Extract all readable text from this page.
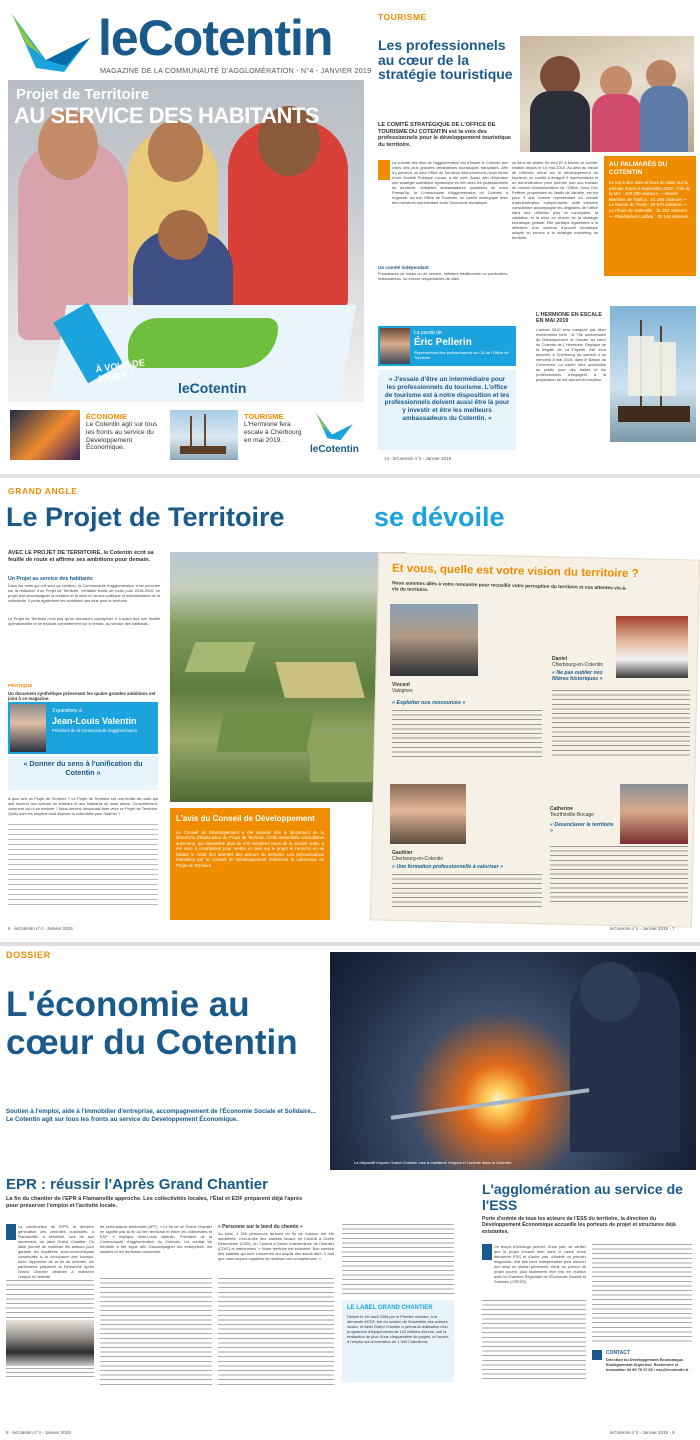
leCotentin
MAGAZINE DE LA COMMUNAUTÉ D'AGGLOMÉRATION - N°4 - JANVIER 2019
À VOUS DE JOUER !
leCotentin
Projet de Territoire
AU SERVICE DES HABITANTS
ÉCONOMIE
Le Cotentin agit sur tous les fronts au service du Développement Économique.
TOURISME
L'Hermione fera escale à Cherbourg en mai 2019.
leCotentin
TOURISME
Les professionnels au cœur de la stratégie touristique
LE COMITÉ STRATÉGIQUE DE L'OFFICE DE TOURISME DU COTENTIN est la voix des professionnels pour le développement touristique du territoire.
La volonté des élus de l'agglomération est d'hisser le Cotentin aux côtés des plus grandes destinations touristiques françaises. Afin d'y parvenir, un seul Office de Tourisme intercommunal, sous forme d'une Société Publique Locale, a été créé. Aussi, afin d'impulser une stratégie touristique dynamique en lien avec les professionnels du tourisme, véritables ambassadeurs quotidiens de notre Presqu'île, la Communauté d'Agglomération du Cotentin a organisé, via son Office de Tourisme, un comité stratégique avec des membres représentant toute l'économie touristique.
Un comité indépendant
Prestataires de loisirs ou de service, hôteliers traditionnels ou particuliers, restaurateurs, ou encore responsables de sites
ou lieux de visites, ils sont 67 à former ce comité, installé depuis le 14 mai 2018. Au-delà du travail de réflexion mené sur le développement du tourisme, ce comité a désigné 9 représentants et un administrateur pour prendre part aux travaux du conseil d'administration de l'Office. Ainsi, Eric Pellerin, propriétaire du Jardin de Vauville, est élu pour 3 ans comme représentant au conseil d'administration. Indépendante, cette instance consultative accompagne les dirigeants de l'office dans leur réflexion pour la conception, la validation et la mise en œuvre de la stratégie touristique globale. Elle participe également à la définition d'un schéma d'accueil touristique adapté ou encore à la stratégie marketing du territoire.
AU PALMARÈS DU COTENTIN
Le top 5 des sites et lieux de visite sur la période d'avril à septembre 2018 : Cité de la Mer : 160 390 visiteurs — Musée Maritime de Tatihou : 51 494 visiteurs — Le Manoir du Tourp : 36 570 visiteurs — Le Phare de Gatteville : 31 202 visiteurs — Planétarium Ludiver : 20 144 visiteurs.
La parole de
Éric Pellerin
Représentant des professionnels au CA de l'Office de Tourisme
« J'essaie d'être un intermédiaire pour les professionnels du tourisme. L'office de tourisme est à notre disposition et les professionnels doivent aussi être là pour y investir et être les meilleurs ambassadeurs du Cotentin. »
L'HERMIONE EN ESCALE EN MAI 2019
L'année 2019 sera marquée par deux événements forts : le 75e anniversaire du Débarquement et l'escale au cœur du Cotentin de L'Hermione. Réplique de la frégate de La Fayette, elle sera amarrée à Cherbourg du samedi 4 au mercredi 8 mai 2019, dans le Bassin du Commerce. Le navire sera accessible au public pour des visites et les professionnels s'engagent à la préparation de cet accueil d'exception.
14 · leCotentin n°4 - Janvier 2019
GRAND ANGLE
Le Projet de Territoire	se dévoile
AVEC LE PROJET DE TERRITOIRE, le Cotentin écrit sa feuille de route et affirme ses ambitions pour demain.
Un Projet au service des habitants
Dans les mois qui ont suivi sa création, la Communauté d'agglomération s'est penchée sur la rédaction d'un Projet de Territoire. Véritable feuille de route pour 2018-2020, ce projet doit accompagner la création et la mise en œuvre politique et administrative de la collectivité. Il porte également les ambitions des élus pour le territoire.
Le Projet de Territoire n'est pas qu'un document conceptuel, il a avant tout une finalité opérationnelle et se traduira concrètement sur le terrain, au service des habitants.
PRATIQUE
Un document synthétique présentant les quatre grandes ambitions est joint à ce magazine.
3 questions à
Jean-Louis Valentin
Président de la Communauté d'agglomération
« Donner du sens à l'unification du Cotentin »
À quoi sert un Projet de Territoire ? Le Projet de Territoire est une feuille de route qui doit montrer aux acteurs du territoire et aux habitants où nous allons. Concrètement, comment va-t-il se traduire ? Nous devons désormais faire vivre ce Projet de Territoire. Quels sont les moyens dont dispose la collectivité pour l'animer ?
6 · leCotentin n°4 - Janvier 2019
L'avis du Conseil de Développement
Le Conseil de Développement a été associé dès le lancement de la démarche d'élaboration du Projet de Territoire. Cette assemblée consultative autonome, qui rassemble plus de 170 membres issus de la société civile, a été mise à contribution pour rendre un avis sur le projet et l'enrichir en se faisant le relais des attentes des acteurs du territoire. Les préconisations formulées par le Conseil de Développement renforcent la cohérence du Projet de Territoire.
Et vous, quelle est votre vision du territoire ?
Nous sommes allés à votre rencontre pour recueillir votre perception du territoire et vos attentes vis-à-vis du territoire.
Vincent
Valognes
« Exploiter nos ressources »
Daniel
Cherbourg-en-Cotentin
« Ne pas oublier nos filières historiques »
Gauthier
Cherbourg-en-Cotentin
« Une formation professionnelle à valoriser »
Catherine
Teurthéville-Bocage
« Désenclaver le territoire »
leCotentin n°4 - Janvier 2019 · 7
DOSSIER
L'économie au cœur du Cotentin
Soutien à l'emploi, aide à l'immobilier d'entreprise, accompagnement de l'Économie Sociale et Solidaire... Le Cotentin agit sur tous les fronts au service du Développement Économique.
Le dispositif d'après Grand Chantier vise à maintenir l'emploi et l'activité dans le Cotentin.
EPR : réussir l'Après Grand Chantier
La fin du chantier de l'EPR à Flamanville approche. Les collectivités locales, l'État et EDF préparent déjà l'après pour préserver l'emploi et l'activité locale.
La construction de l'EPR, la dernière génération des centrales nucléaires, à Flamanville, a bénéficié, lors de son lancement, du label Grand Chantier. Ce label permet de mobiliser les acteurs pour garantir les équilibres socio-économiques consécutifs à la conclusion des travaux. Avec l'approche de la fin du chantier, les partenaires préparent la Démarche Après Grand Chantier destinée à maintenir l'emploi et l'activité.
de performance territoriale (APT). « Le fin de ce Grand Chantier ne signifie pas la fin du lien territorial et entre les collectivités et EDF. » explique Jean-Louis Valentin, Président de la Communauté d'agglomération du Cotentin. Un contrat de territoire a été signé afin d'accompagner les entreprises, les salariés et les territoires concernés.
« Personne sur le bord du chemin »
Au total, 1 200 personnes arrivant en fin de mission ont été identifiées, c'est-à-dire des salariés locaux en Contrat à Durée Déterminée (CDD), en Contrat à Durée Indéterminée de Chantier (CDIC) et intérimaires. « Notre territoire est industriel. Bon nombre des salariés qui sont concernés ont acquis des savoir-faire. Il faut que nous soyons capables de réutiliser ces compétences. »
LE LABEL GRAND CHANTIER
Délivré le 1er août 2006 par le Premier ministre, à la demande d'EDF, fort du soutien de l'ensemble des acteurs locaux, le label Grand Chantier a permis la réalisation d'un programme d'équipements de 123 millions d'euros, soit la réalisation de plus d'une cinquantaine de projets, et l'accès à l'emploi via la formation de 1 300 Cotentinois.
L'agglomération au service de l'ESS
Porte d'entrée de tous les acteurs de l'ESS du territoire, la direction du Développement Économique accueille les porteurs de projet et structures déjà existantes.
Ce temps d'échange permet, d'une part, de vérifier que le projet s'inscrit bien dans le cadre d'une démarche ESS et d'autre part, d'établir un premier diagnostic, état des lieux indispensable pour assurer une mise en réseau pertinente. Ainsi, un porteur de projet pourra plus facilement être mis en relation avec la Chambre Régionale de l'Économie Sociale et Solidaire (CRESS).
CONTACT
Direction du Développement Économique, Enseignement Supérieur, Recherche et Innovation 02 50 79 17 00 / ess@lecotentin.fr
8 · leCotentin n°4 - Janvier 2019	leCotentin n°4 - Janvier 2019 · 9
